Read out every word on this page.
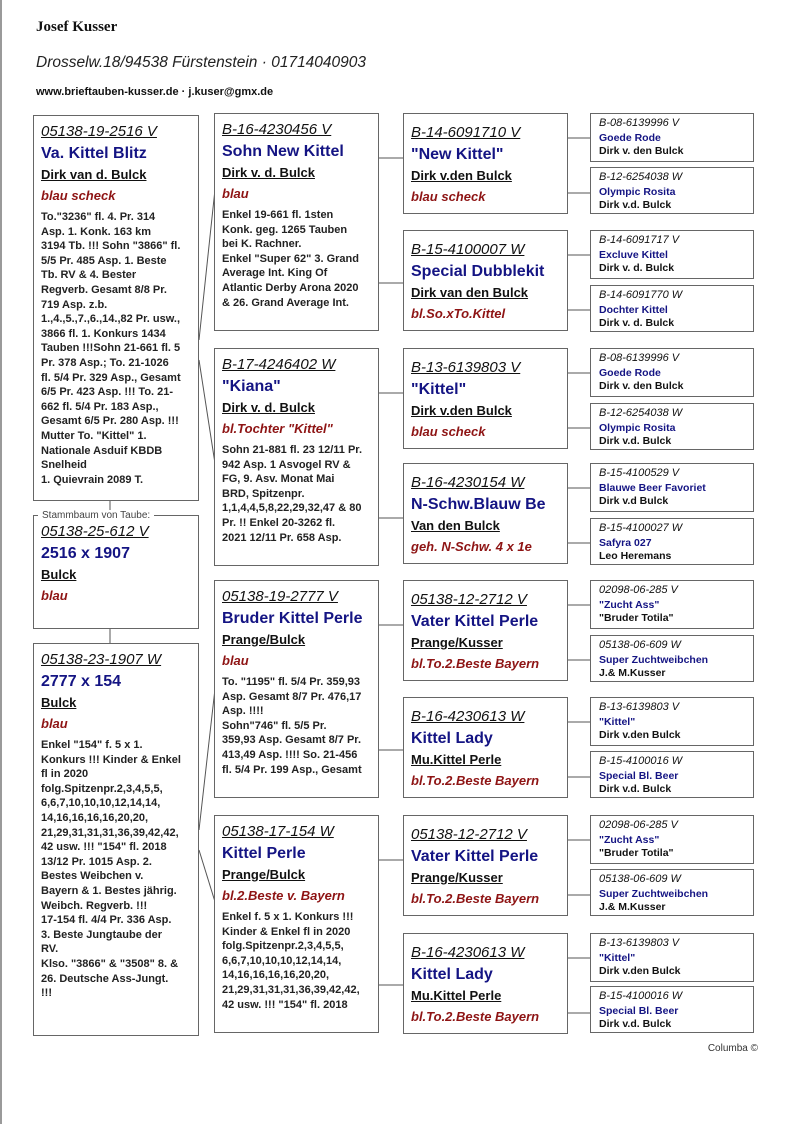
Josef Kusser
Drosselw.18/94538 Fürstenstein · 01714040903
www.brieftauben-kusser.de · j.kuser@gmx.de
05138-19-2516 V
Va. Kittel Blitz
Dirk van d. Bulck
blau scheck
To."3236" fl. 4. Pr. 314
Asp. 1. Konk. 163 km
3194 Tb. !!! Sohn "3866" fl.
5/5 Pr. 485 Asp. 1. Beste
Tb. RV & 4. Bester
Regverb. Gesamt 8/8 Pr.
719 Asp. z.b.
1.,4.,5.,7.,6.,14.,82 Pr. usw.,
3866 fl. 1. Konkurs 1434
Tauben !!!Sohn 21-661 fl. 5
Pr. 378 Asp.; To. 21-1026
fl. 5/4 Pr. 329 Asp., Gesamt
6/5 Pr. 423 Asp. !!! To. 21-
662 fl. 5/4 Pr. 183 Asp.,
Gesamt 6/5 Pr. 280 Asp. !!!
Mutter To. "Kittel" 1.
Nationale Asduif KBDB
Snelheid
1. Quievrain 2089 T.
05138-25-612 V
2516 x 1907
Bulck
blau
05138-23-1907 W
2777 x 154
Bulck
blau
Enkel "154" f. 5 x 1.
Konkurs !!! Kinder & Enkel
fl in 2020
folg.Spitzenpr.2,3,4,5,5,
6,6,7,10,10,10,12,14,14,
14,16,16,16,16,20,20,
21,29,31,31,31,36,39,42,42,
42 usw. !!! "154" fl. 2018
13/12 Pr. 1015 Asp. 2.
Bestes Weibchen v.
Bayern & 1. Bestes jährig.
Weibch. Regverb. !!!
17-154 fl. 4/4 Pr. 336 Asp.
3. Beste Jungtaube der
RV.
Klso. "3866" & "3508" 8. &
26. Deutsche Ass-Jungt.
!!!
B-16-4230456 V
Sohn New Kittel
Dirk v. d. Bulck
blau
Enkel 19-661 fl. 1sten
Konk. geg. 1265 Tauben
bei K. Rachner.
Enkel "Super 62" 3. Grand
Average Int. King Of
Atlantic Derby Arona 2020
& 26. Grand Average Int.
B-17-4246402 W
"Kiana"
Dirk v. d. Bulck
bl.Tochter "Kittel"
Sohn 21-881 fl. 23 12/11 Pr.
942 Asp. 1 Asvogel RV &
FG, 9. Asv. Monat Mai
BRD, Spitzenpr.
1,1,4,4,5,8,22,29,32,47 & 80
Pr. !! Enkel 20-3262 fl.
2021 12/11 Pr. 658 Asp.
05138-19-2777 V
Bruder Kittel Perle
Prange/Bulck
blau
To. "1195" fl. 5/4 Pr. 359,93
Asp. Gesamt 8/7 Pr. 476,17
Asp. !!!!
Sohn"746" fl. 5/5 Pr.
359,93 Asp. Gesamt 8/7 Pr.
413,49 Asp. !!!! So. 21-456
fl. 5/4 Pr. 199 Asp., Gesamt
05138-17-154 W
Kittel Perle
Prange/Bulck
bl.2.Beste v. Bayern
Enkel f. 5 x 1. Konkurs !!!
Kinder & Enkel fl in 2020
folg.Spitzenpr.2,3,4,5,5,
6,6,7,10,10,10,12,14,14,
14,16,16,16,16,20,20,
21,29,31,31,31,36,39,42,42,
42 usw. !!! "154" fl. 2018
B-14-6091710 V
"New Kittel"
Dirk v.den Bulck
blau scheck
B-15-4100007 W
Special Dubblekit
Dirk van den Bulck
bl.So.xTo.Kittel
B-13-6139803 V
"Kittel"
Dirk v.den Bulck
blau scheck
B-16-4230154 W
N-Schw.Blauw Be
Van den Bulck
geh. N-Schw. 4 x 1e
05138-12-2712 V
Vater Kittel Perle
Prange/Kusser
bl.To.2.Beste Bayern
B-16-4230613 W
Kittel Lady
Mu.Kittel Perle
bl.To.2.Beste Bayern
05138-12-2712 V
Vater Kittel Perle
Prange/Kusser
bl.To.2.Beste Bayern
B-16-4230613 W
Kittel Lady
Mu.Kittel Perle
bl.To.2.Beste Bayern
B-08-6139996 V
Goede Rode
Dirk v. den Bulck
B-12-6254038 W
Olympic Rosita
Dirk v.d. Bulck
B-14-6091717 V
Excluve Kittel
Dirk v. d. Bulck
B-14-6091770 W
Dochter Kittel
Dirk v. d. Bulck
B-08-6139996 V
Goede Rode
Dirk v. den Bulck
B-12-6254038 W
Olympic Rosita
Dirk v.d. Bulck
B-15-4100529 V
Blauwe Beer Favoriet
Dirk v.d Bulck
B-15-4100027 W
Safyra 027
Leo Heremans
02098-06-285 V
"Zucht Ass"
"Bruder Totila"
05138-06-609 W
Super Zuchtweibchen
J.& M.Kusser
B-13-6139803 V
"Kittel"
Dirk v.den Bulck
B-15-4100016 W
Special Bl. Beer
Dirk v.d. Bulck
02098-06-285 V
"Zucht Ass"
"Bruder Totila"
05138-06-609 W
Super Zuchtweibchen
J.& M.Kusser
B-13-6139803 V
"Kittel"
Dirk v.den Bulck
B-15-4100016 W
Special Bl. Beer
Dirk v.d. Bulck
Stammbaum von Taube:
Columba ©
